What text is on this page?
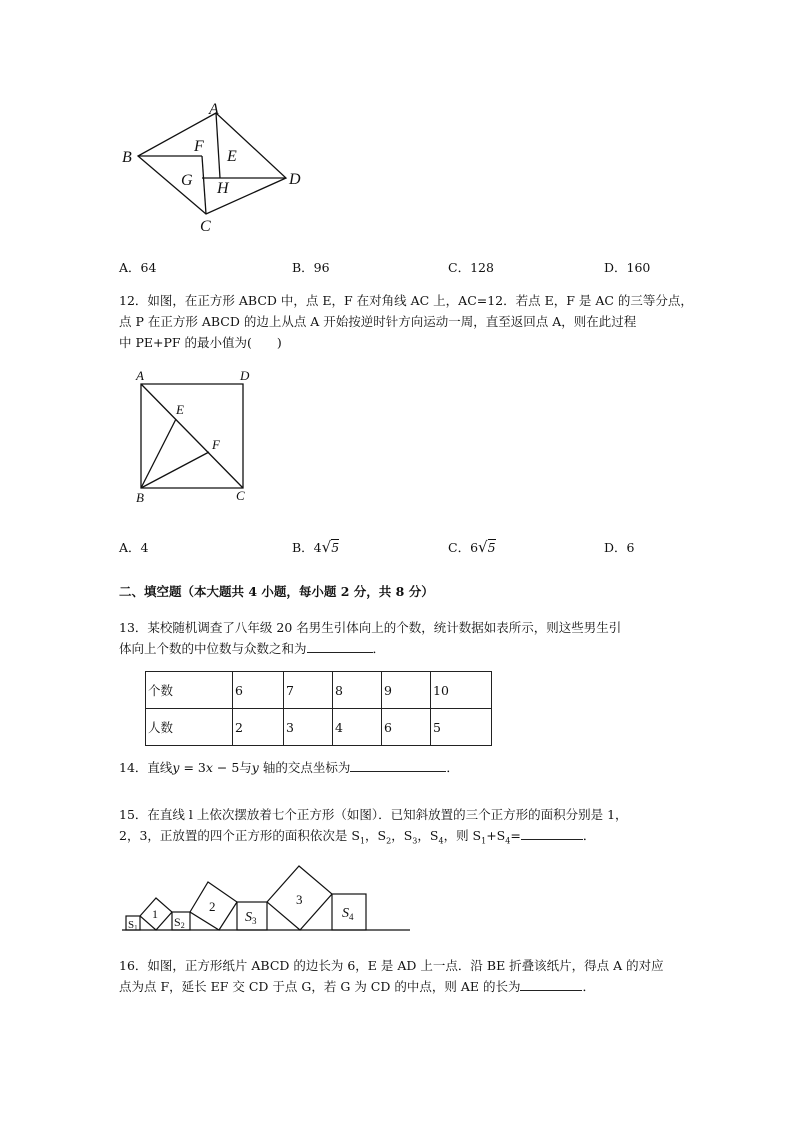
A
B
C
D
E
F
G H
A．64	B．96	C．128	D．160
12．如图，在正方形 ABCD 中，点 E，F 在对角线 AC 上，AC=12．若点 E，F 是 AC 的三等分点，
点 P 在正方形 ABCD 的边上从点 A 开始按逆时针方向运动一周，直至返回点 A，则在此过程
中 PE+PF 的最小值为(　　)
A	D
E
F
B	C
A．4	B．4√5	C．6√5	D．6
二、填空题（本大题共 4 小题，每小题 2 分，共 8 分）
13．某校随机调查了八年级 20 名男生引体向上的个数，统计数据如表所示，则这些男生引
体向上个数的中位数与众数之和为	．
个数	6	7	8	9	10
人数	2	3	4	6	5
14．直线y = 3x − 5与y 轴的交点坐标为	．
15．在直线 l 上依次摆放着七个正方形（如图）．已知斜放置的三个正方形的面积分别是 1，
2，3，正放置的四个正方形的面积依次是 $S_1$，$S_2$，$S_3$，$S_4$，则 $S_1+S_4=$	．
1	2	3
S1	S2
$S_3$	$S_4$
16．如图，正方形纸片 ABCD 的边长为 6，E 是 AD 上一点．沿 BE 折叠该纸片，得点 A 的对应
点为点 F，延长 EF 交 CD 于点 G，若 G 为 CD 的中点，则 AE 的长为	．
